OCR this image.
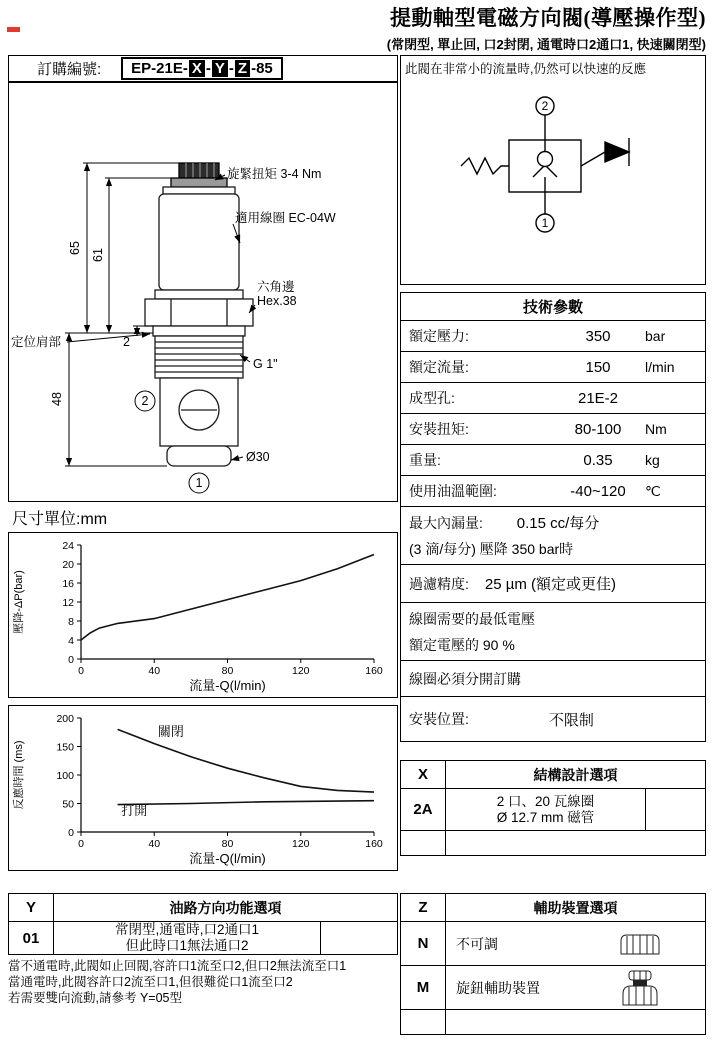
提動軸型電磁方向閥(導壓操作型)
(常閉型, 單止回, 口2封閉, 通電時口2通口1, 快速關閉型)
訂購編號: EP-21E- X - Y - Z -85
旋緊扭矩 3-4 Nm
適用線圈 EC-04W
六角邊
Hex.38
定位肩部
G 1"
Ø30
65
61
48
2
2
1
尺寸單位:mm
0	40	80	120	160
0
4
8
12
16
20
24
流量-Q(l/min)
壓降-ΔP(bar)
0	40	80	120	160
0
50
100
150
200
關閉
打開
流量-Q(l/min)
反應時間 (ms)
Y	油路方向功能選項
01	常閉型,通電時,口2通口1
但此時口1無法通口2
當不通電時,此閥如止回閥,容許口1流至口2,但口2無法流至口1
當通電時,此閥容許口2流至口1,但很難從口1流至口2
若需要雙向流動,請參考 Y=05型
此閥在非常小的流量時,仍然可以快速的反應
2
1
技術參數
額定壓力:	350	bar
額定流量:	150	l/min
成型孔:	21E-2
安裝扭矩:	80-100	Nm
重量:	0.35	kg
使用油溫範圍:	-40~120	℃
最大內漏量: 0.15 cc/每分
(3 滴/每分) 壓降 350 bar時
過濾精度: 25 µm (額定或更佳)
線圈需要的最低電壓
額定電壓的 90 %
線圈必須分開訂購
安裝位置:	不限制
X	結構設計選項
2A	2 口、20 瓦線圈
Ø 12.7 mm 磁管
Z	輔助裝置選項
N	不可調
M	旋鈕輔助裝置
